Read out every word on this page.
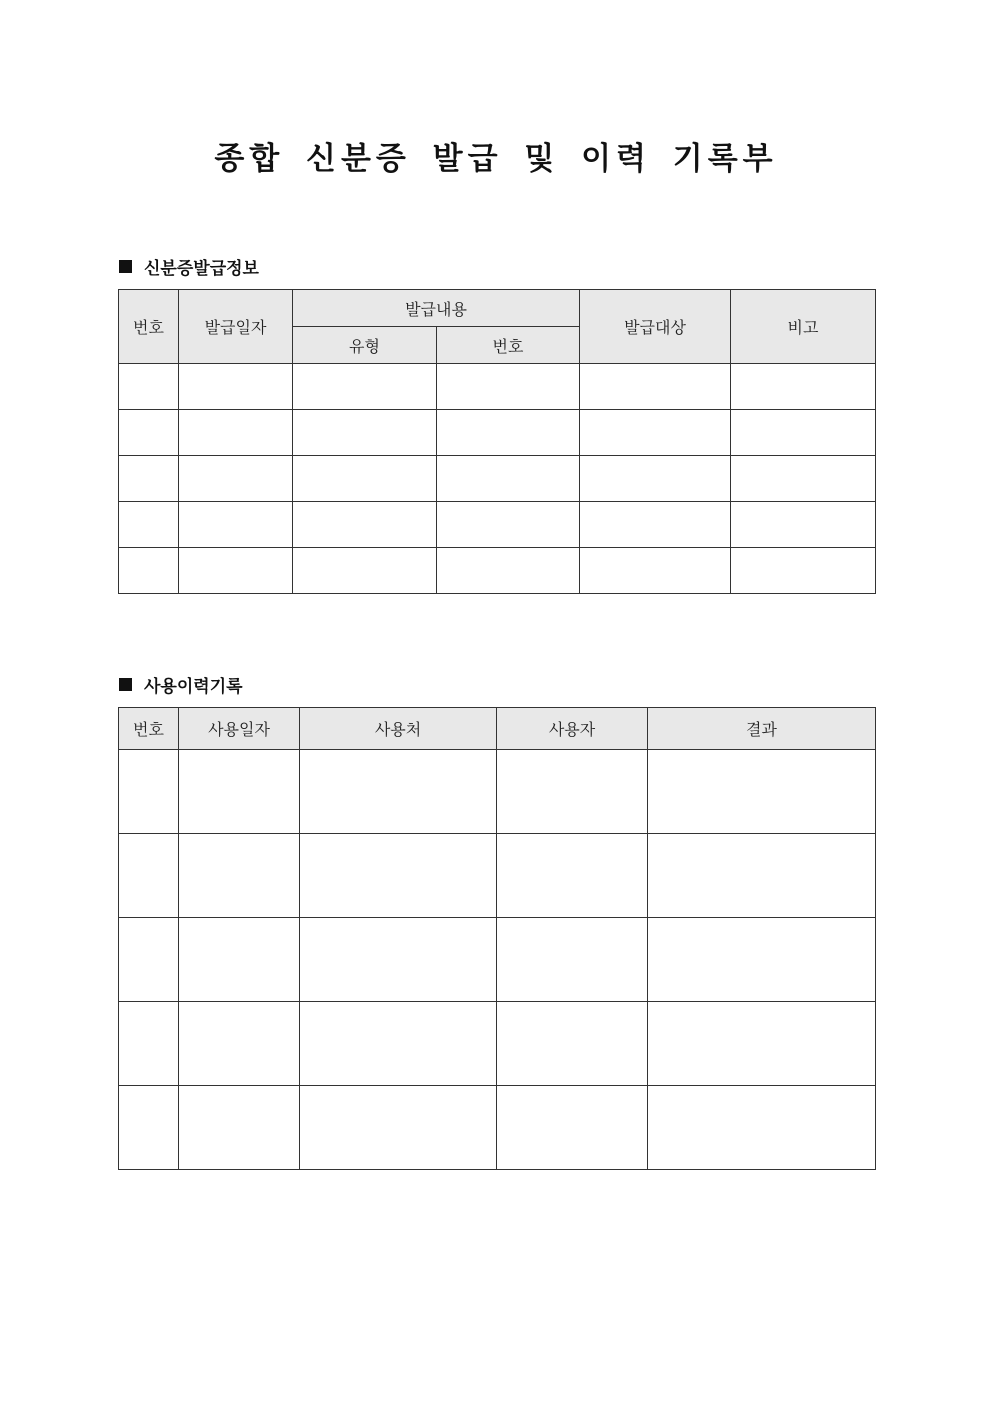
종합 신분증 발급 및 이력 기록부
신분증발급정보
번호	발급일자	발급내용		발급대상	비고
		유형	번호		

사용이력기록
번호	사용일자	사용처	사용자	결과
